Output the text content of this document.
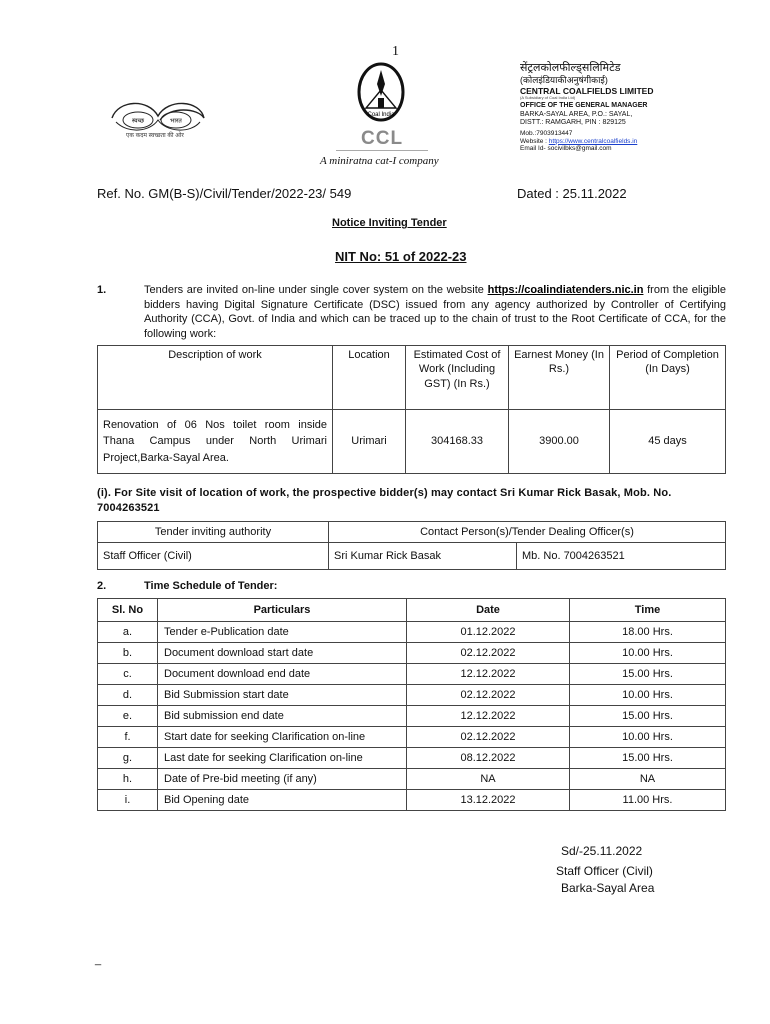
1
स्वच्छ	भारत
एक कदम स्वच्छता की ओर
Coal India
CCL
A miniratna cat-I company
सेंट्रलकोलफील्ड्सलिमिटेड
(कोलइंडियाकीअनुषंगीकाई)
CENTRAL COALFIELDS LIMITED
(A Subsidiary of Coal India Ltd)
OFFICE OF THE GENERAL MANAGER
BARKA-SAYAL AREA, P.O.: SAYAL,
DISTT.: RAMGARH, PIN : 829125
Mob.:7903913447
Website : https://www.centralcoalfields.in
Email Id- socivilbks@gmail.com
Ref. No. GM(B-S)/Civil/Tender/2022-23/ 549	Dated : 25.11.2022
Notice Inviting Tender
NIT No: 51 of 2022-23
1.	Tenders are invited on-line under single cover system on the website https://coalindiatenders.nic.in from the eligible bidders having Digital Signature Certificate (DSC) issued from any agency authorized by Controller of Certifying Authority (CCA), Govt. of India and which can be traced up to the chain of trust to the Root Certificate of CCA, for the following work:
Description of work	Location	Estimated Cost of Work (Including GST) (In Rs.)	Earnest Money (In Rs.)	Period of Completion (In Days)
Renovation of 06 Nos toilet room inside Thana Campus under North Urimari Project,Barka-Sayal Area.	Urimari	304168.33	3900.00	45 days
(i). For Site visit of location of work, the prospective bidder(s) may contact Sri Kumar Rick Basak, Mob. No. 7004263521
Tender inviting authority	Contact Person(s)/Tender Dealing Officer(s)	
Staff Officer (Civil)	Sri Kumar Rick Basak	Mb. No. 7004263521
2.	Time Schedule of Tender:
Sl. No	Particulars	Date	Time
a.	Tender e-Publication date	01.12.2022	18.00 Hrs.
b.	Document download start date	02.12.2022	10.00 Hrs.
c.	Document download end date	12.12.2022	15.00 Hrs.
d.	Bid Submission start date	02.12.2022	10.00 Hrs.
e.	Bid submission end date	12.12.2022	15.00 Hrs.
f.	Start date for seeking Clarification on-line	02.12.2022	10.00 Hrs.
g.	Last date for seeking Clarification on-line	08.12.2022	15.00 Hrs.
h.	Date of Pre-bid meeting (if any)	NA	NA
i.	Bid Opening date	13.12.2022	11.00 Hrs.
Sd/-25.11.2022
Staff Officer (Civil)
Barka-Sayal Area
_
